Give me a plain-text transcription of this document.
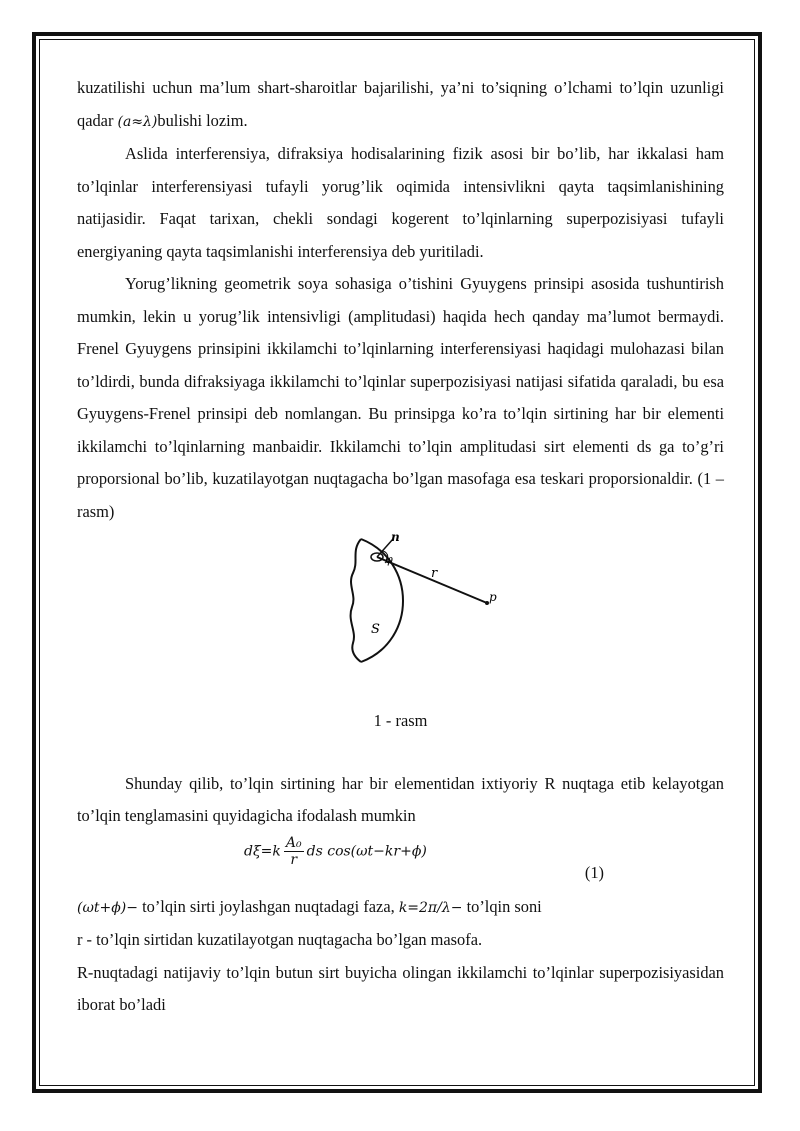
kuzatilishi uchun ma’lum shart-sharoitlar bajarilishi, ya’ni to’siqning o’lchami to’lqin uzunligi qadar (a≈λ)bulishi lozim.

Aslida interferensiya, difraksiya hodisalarining fizik asosi bir bo’lib, har ikkalasi ham to’lqinlar interferensiyasi tufayli yorug’lik oqimida intensivlikni qayta taqsimlanishining natijasidir. Faqat tarixan, chekli sondagi kogerent to’lqinlarning superpozisiyasi tufayli energiyaning qayta taqsimlanishi interferensiya deb yuritiladi.

Yorug’likning geometrik soya sohasiga o’tishini Gyuygens prinsipi asosida tushuntirish mumkin, lekin u yorug’lik intensivligi (amplitudasi) haqida hech qanday ma’lumot bermaydi. Frenel Gyuygens prinsipini ikkilamchi to’lqinlarning interferensiyasi haqidagi mulohazasi bilan to’ldirdi, bunda difraksiyaga ikkilamchi to’lqinlar superpozisiyasi natijasi sifatida qaraladi, bu esa Gyuygens-Frenel prinsipi deb nomlangan. Bu prinsipga ko’ra to’lqin sirtining har bir elementi ikkilamchi to’lqinlarning manbaidir. Ikkilamchi to’lqin amplitudasi sirt elementi ds ga to’g’ri proporsional bo’lib, kuzatilayotgan nuqtagacha bo’lgan masofaga esa teskari proporsionaldir. (1 – rasm)

n
φ
r
p
S
1 - rasm

Shunday qilib, to’lqin sirtining har bir elementidan ixtiyoriy R nuqtaga etib kelayotgan to’lqin tenglamasini quyidagicha ifodalash mumkin

$d\xi=k \frac{\text{A₀}}{r}$ ds cos(ωt−kr+ϕ)
(1)

(ωt+ϕ)− to’lqin sirti joylashgan nuqtadagi faza, k=2π/λ− to’lqin soni

r - to’lqin sirtidan kuzatilayotgan nuqtagacha bo’lgan masofa.

R-nuqtadagi natijaviy to’lqin butun sirt buyicha olingan ikkilamchi to’lqinlar superpozisiyasidan iborat bo’ladi
